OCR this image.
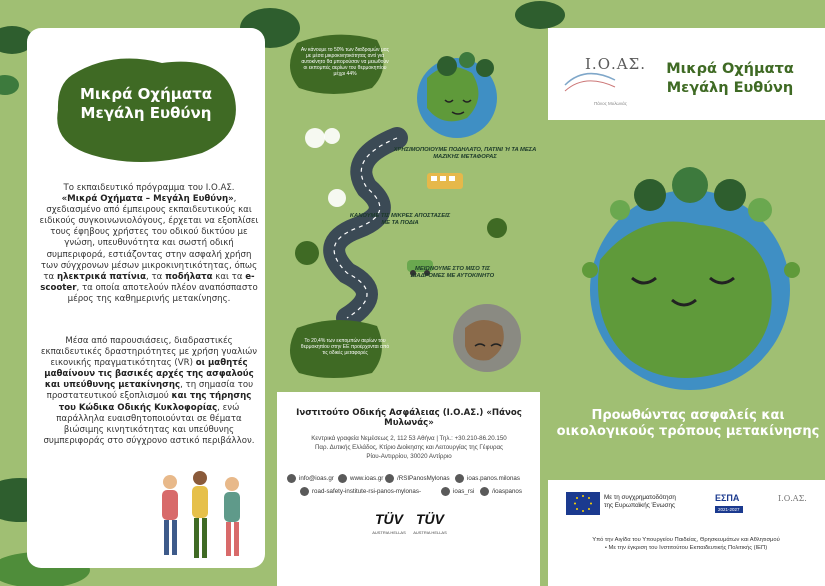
Μικρά Οχήματα
Μεγάλη Ευθύνη
Το εκπαιδευτικό πρόγραμμα του Ι.Ο.ΑΣ.
«Μικρά Οχήματα – Μεγάλη Ευθύνη», σχεδιασμένο από έμπειρους εκπαιδευτικούς και ειδικούς συγκοινωνιολόγους, έρχεται να εξοπλίσει τους έφηβους χρήστες του οδικού δικτύου με γνώση, υπευθυνότητα και σωστή οδική συμπεριφορά, εστιάζοντας στην ασφαλή χρήση των σύγχρονων μέσων μικροκινητικότητας, όπως τα ηλεκτρικά πατίνια, τα ποδήλατα και τα e-scooter, τα οποία αποτελούν πλέον αναπόσπαστο μέρος της καθημερινής μετακίνησης.
Μέσα από παρουσιάσεις, διαδραστικές εκπαιδευτικές δραστηριότητες με χρήση γυαλιών εικονικής πραγματικότητας (VR) οι μαθητές μαθαίνουν τις βασικές αρχές της ασφαλούς και υπεύθυνης μετακίνησης, τη σημασία του προστατευτικού εξοπλισμού και της τήρησης του Κώδικα Οδικής Κυκλοφορίας, ενώ παράλληλα ευαισθητοποιούνται σε θέματα βιώσιμης κινητικότητας και υπεύθυνης συμπεριφοράς στο σύγχρονο αστικό περιβάλλον.
Αν κάνουμε το 50% των διαδρομών μας με μέσα μικροκινητικότητας αντί για αυτοκίνητο θα μπορούσαν να μειωθούν οι εκπομπές αερίων του θερμοκηπίου μέχρι 44%
ΧΡΗΣΙΜΟΠΟΙΟΥΜΕ ΠΟΔΗΛΑΤΟ, ΠΑΤΙΝΙ Ή ΤΑ ΜΕΣΑ ΜΑΖΙΚΗΣ ΜΕΤΑΦΟΡΑΣ
ΚΑΝΟΥΜΕ ΤΙΣ ΜΙΚΡΕΣ ΑΠΟΣΤΑΣΕΙΣ ΜΕ ΤΑ ΠΟΔΙΑ
ΜΕΙΩΝΟΥΜΕ ΣΤΟ ΜΙΣΟ ΤΙΣ ΔΙΑΔΡΟΜΕΣ ΜΕ ΑΥΤΟΚΙΝΗΤΟ
Το 20,4% των εκπομπών αερίων του θερμοκηπίου στην ΕΕ προέρχονται από τις οδικές μεταφορές
Ινστιτούτο Οδικής Ασφάλειας (Ι.Ο.ΑΣ.) «Πάνος Μυλωνάς»
Κεντρικά γραφεία Νεμέσεως 2, 112 53 Αθήνα | Τηλ.: +30.210-86.20.150
Παρ. Δυτικής Ελλάδος, Κτίριο Διοίκησης και Λειτουργίας της Γέφυρας
Ρίου-Αντιρρίου, 30020 Αντίρριο
info@ioas.gr	www.ioas.gr /RSIPanosMylonas	ioas.panos.milonas
road-safety-institute-rsi-panos-mylonas-	ioas_rsi	/ioaspanos
TÜV
AUSTRIA HELLAS
TÜV
AUSTRIA HELLAS
Ι.Ο.ΑΣ.
Πάνος Μυλωνάς
Μικρά Οχήματα
Μεγάλη Ευθύνη
Προωθώντας ασφαλείς και
οικολογικούς τρόπους μετακίνησης
Με τη συγχρηματοδότηση
της Ευρωπαϊκής Ένωσης
ΕΣΠΑ
2021-2027
Ι.Ο.ΑΣ.
Υπό την Αιγίδα του Υπουργείου Παιδείας, Θρησκευμάτων και Αθλητισμού
• Με την έγκριση του Ινστιτούτου Εκπαιδευτικής Πολιτικής (ΙΕΠ)
